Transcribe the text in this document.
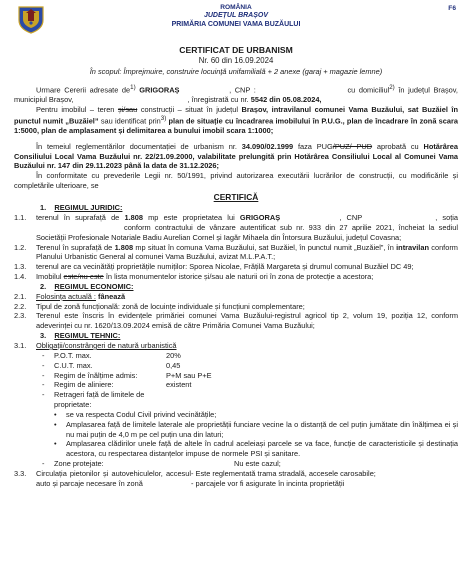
ROMÂNIA
JUDEȚUL BRAȘOV
PRIMĂRIA COMUNEI VAMA BUZĂULUI
F6
CERTIFICAT DE URBANISM
Nr. 60 din 16.09.2024
În scopul: Împrejmuire, construire locuință unifamilială + 2 anexe (garaj + magazie lemne)

Urmare Cererii adresate $de^{1)}$ GRIGORAȘ	, CNP :	cu domiciliul$^{2)}$ în județul Brașov, municipiul Brașov,	, înregistrată cu nr. 5542 din 05.08.2024,

Pentru imobilul – teren și/sau construcții – situat în județul Brașov, intravilanul comunei Vama Buzăului, sat Buzăiel în punctul numit „Buzăiel” sau identificat prin$^{3)}$ plan de situație cu încadrarea imobilului în P.U.G., plan de încadrare în zonă scara 1:5000, plan de amplasament și delimitarea a bunului imobil scara 1:1000;

În temeiul reglementărilor documentației de urbanism nr. 34.090/02.1999 faza PUG/PUZ/ PUD aprobată cu Hotărârea Consiliului Local Vama Buzăului nr. 22/21.09.2000, valabilitate prelungită prin Hotărârea Consiliului Local al Comunei Vama Buzăului nr. 147 din 29.11.2023 până la data de 31.12.2026;

În conformitate cu prevederile Legii nr. 50/1991, privind autorizarea executării lucrărilor de construcții, cu modificările și completările ulterioare, se

CERTIFICĂ
1. REGIMUL JURIDIC:
1.1.	terenul în suprafață de 1.808 mp este proprietatea lui GRIGORAȘ	, CNP	, soția conform contractului de vânzare autentificat sub nr. 933 din 27 aprilie 2021, încheiat la sediul Societății Profesionale Notariale Badiu Aurelian Cornel și Iagăr Mihaela din Întorsura Buzăului, județul Covasna;
1.2.	Terenul în suprafață de 1.808 mp situat în comuna Vama Buzăului, sat Buzăiel, în punctul numit „Buzăiel”, în intravilan conform Planului Urbanistic General al comunei Vama Buzăului, avizat M.L.P.A.T.;
1.3.	terenul are ca vecinătăți proprietățile numiților: Sporea Nicolae, Frățilă Margareta și drumul comunal Buzăiel DC 49;
1.4.	Imobilul este/nu este în lista monumentelor istorice și/sau ale naturii ori în zona de protecție a acestora;
2. REGIMUL ECONOMIC:
2.1.	Folosința actuală : fânează
2.2.	Tipul de zonă funcțională: zonă de locuințe individuale și funcțiuni complementare;
2.3.	Terenul este înscris în evidențele primăriei comunei Vama Buzăului-registrul agricol tip 2, volum 19, poziția 12, conform adeverinței cu nr. 1620/13.09.2024 emisă de către Primăria Comunei Vama Buzăului;
3. REGIMUL TEHNIC:
3.1.	Obligații/constrângeri de natură urbanistică
-	P.O.T. max.	20%
-	C.U.T. max.	0,45
-	Regim de înălțime admis:	P+M sau P+E
-	Regim de aliniere:	existent
-	Retrageri față de limitele de proprietate:
•	se va respecta Codul Civil privind vecinătățile;
•	Amplasarea față de limitele laterale ale proprietății funciare vecine la o distanță de cel puțin jumătate din înălțimea ei și nu mai puțin de 4,0 m pe cel puțin una din laturi;
•	Amplasarea clădirilor unele față de altele în cadrul aceleiași parcele se va face, funcție de caracteristicile și destinația acestora, cu respectarea distanțelor impuse de normele PSI și sanitare.
-	Zone protejate:	Nu este cazul;
3.3.	Circulația pietonilor și autovehiculelor, accesul auto și parcaje necesare în zonă
- Este reglementată trama stradală, accesele carosabile;
- parcajele vor fi asigurate în incinta proprietății
